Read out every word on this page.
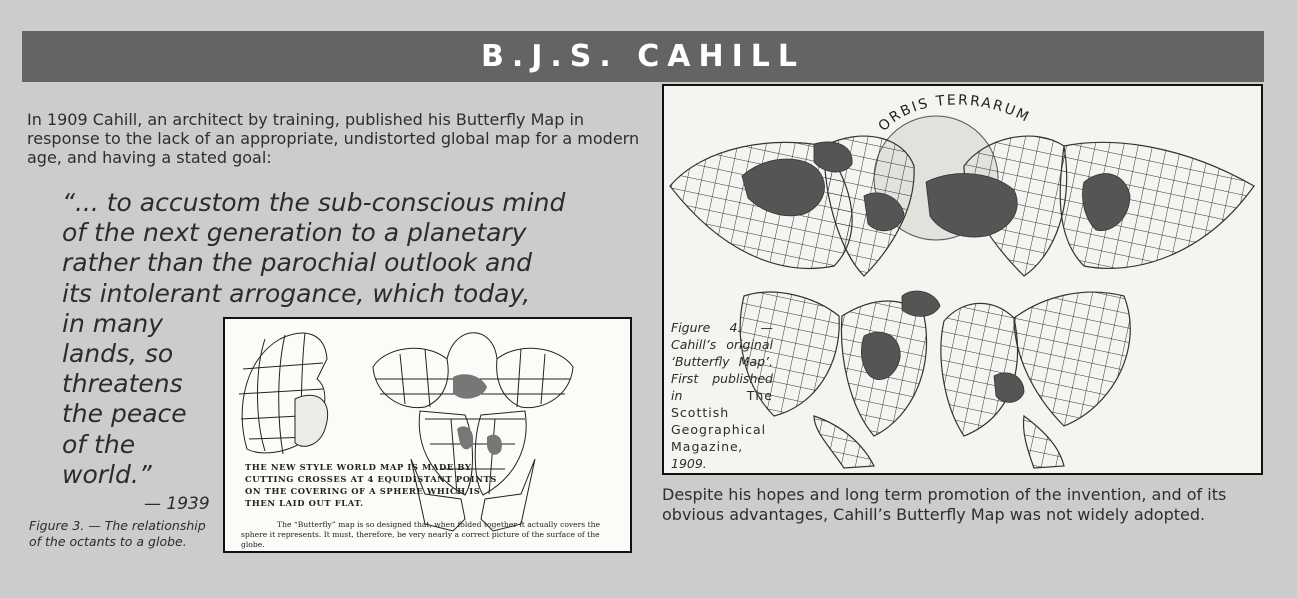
B.J.S. CAHILL

In 1909 Cahill, an architect by training, published his Butterfly Map in response to the lack of an appropriate, undistorted global map for a modern age, and having a stated goal:

“... to accustom the sub-conscious mind
of the next generation to a planetary
rather than the parochial outlook and
its intolerant arrogance, which today,
in many
lands, so
threatens
the peace
of the
world.”
— 1939

Figure 3. — The relationship of the octants to a globe.

THE NEW STYLE WORLD MAP IS MADE BY CUTTING CROSSES AT 4 EQUIDISTANT POINTS ON THE COVERING OF A SPHERE WHICH IS THEN LAID OUT FLAT.
The “Butterfly” map is so designed that, when folded together it actually covers the sphere it represents. It must, therefore, be very nearly a correct picture of the surface of the globe.
ORBIS TERRARUM

Figure 4. — Cahill’s original ‘Butterfly Map’. First published in The Scottish Geographical Magazine, 1909.

Despite his hopes and long term promotion of the invention, and of its obvious advantages, Cahill’s Butterfly Map was not widely adopted.
